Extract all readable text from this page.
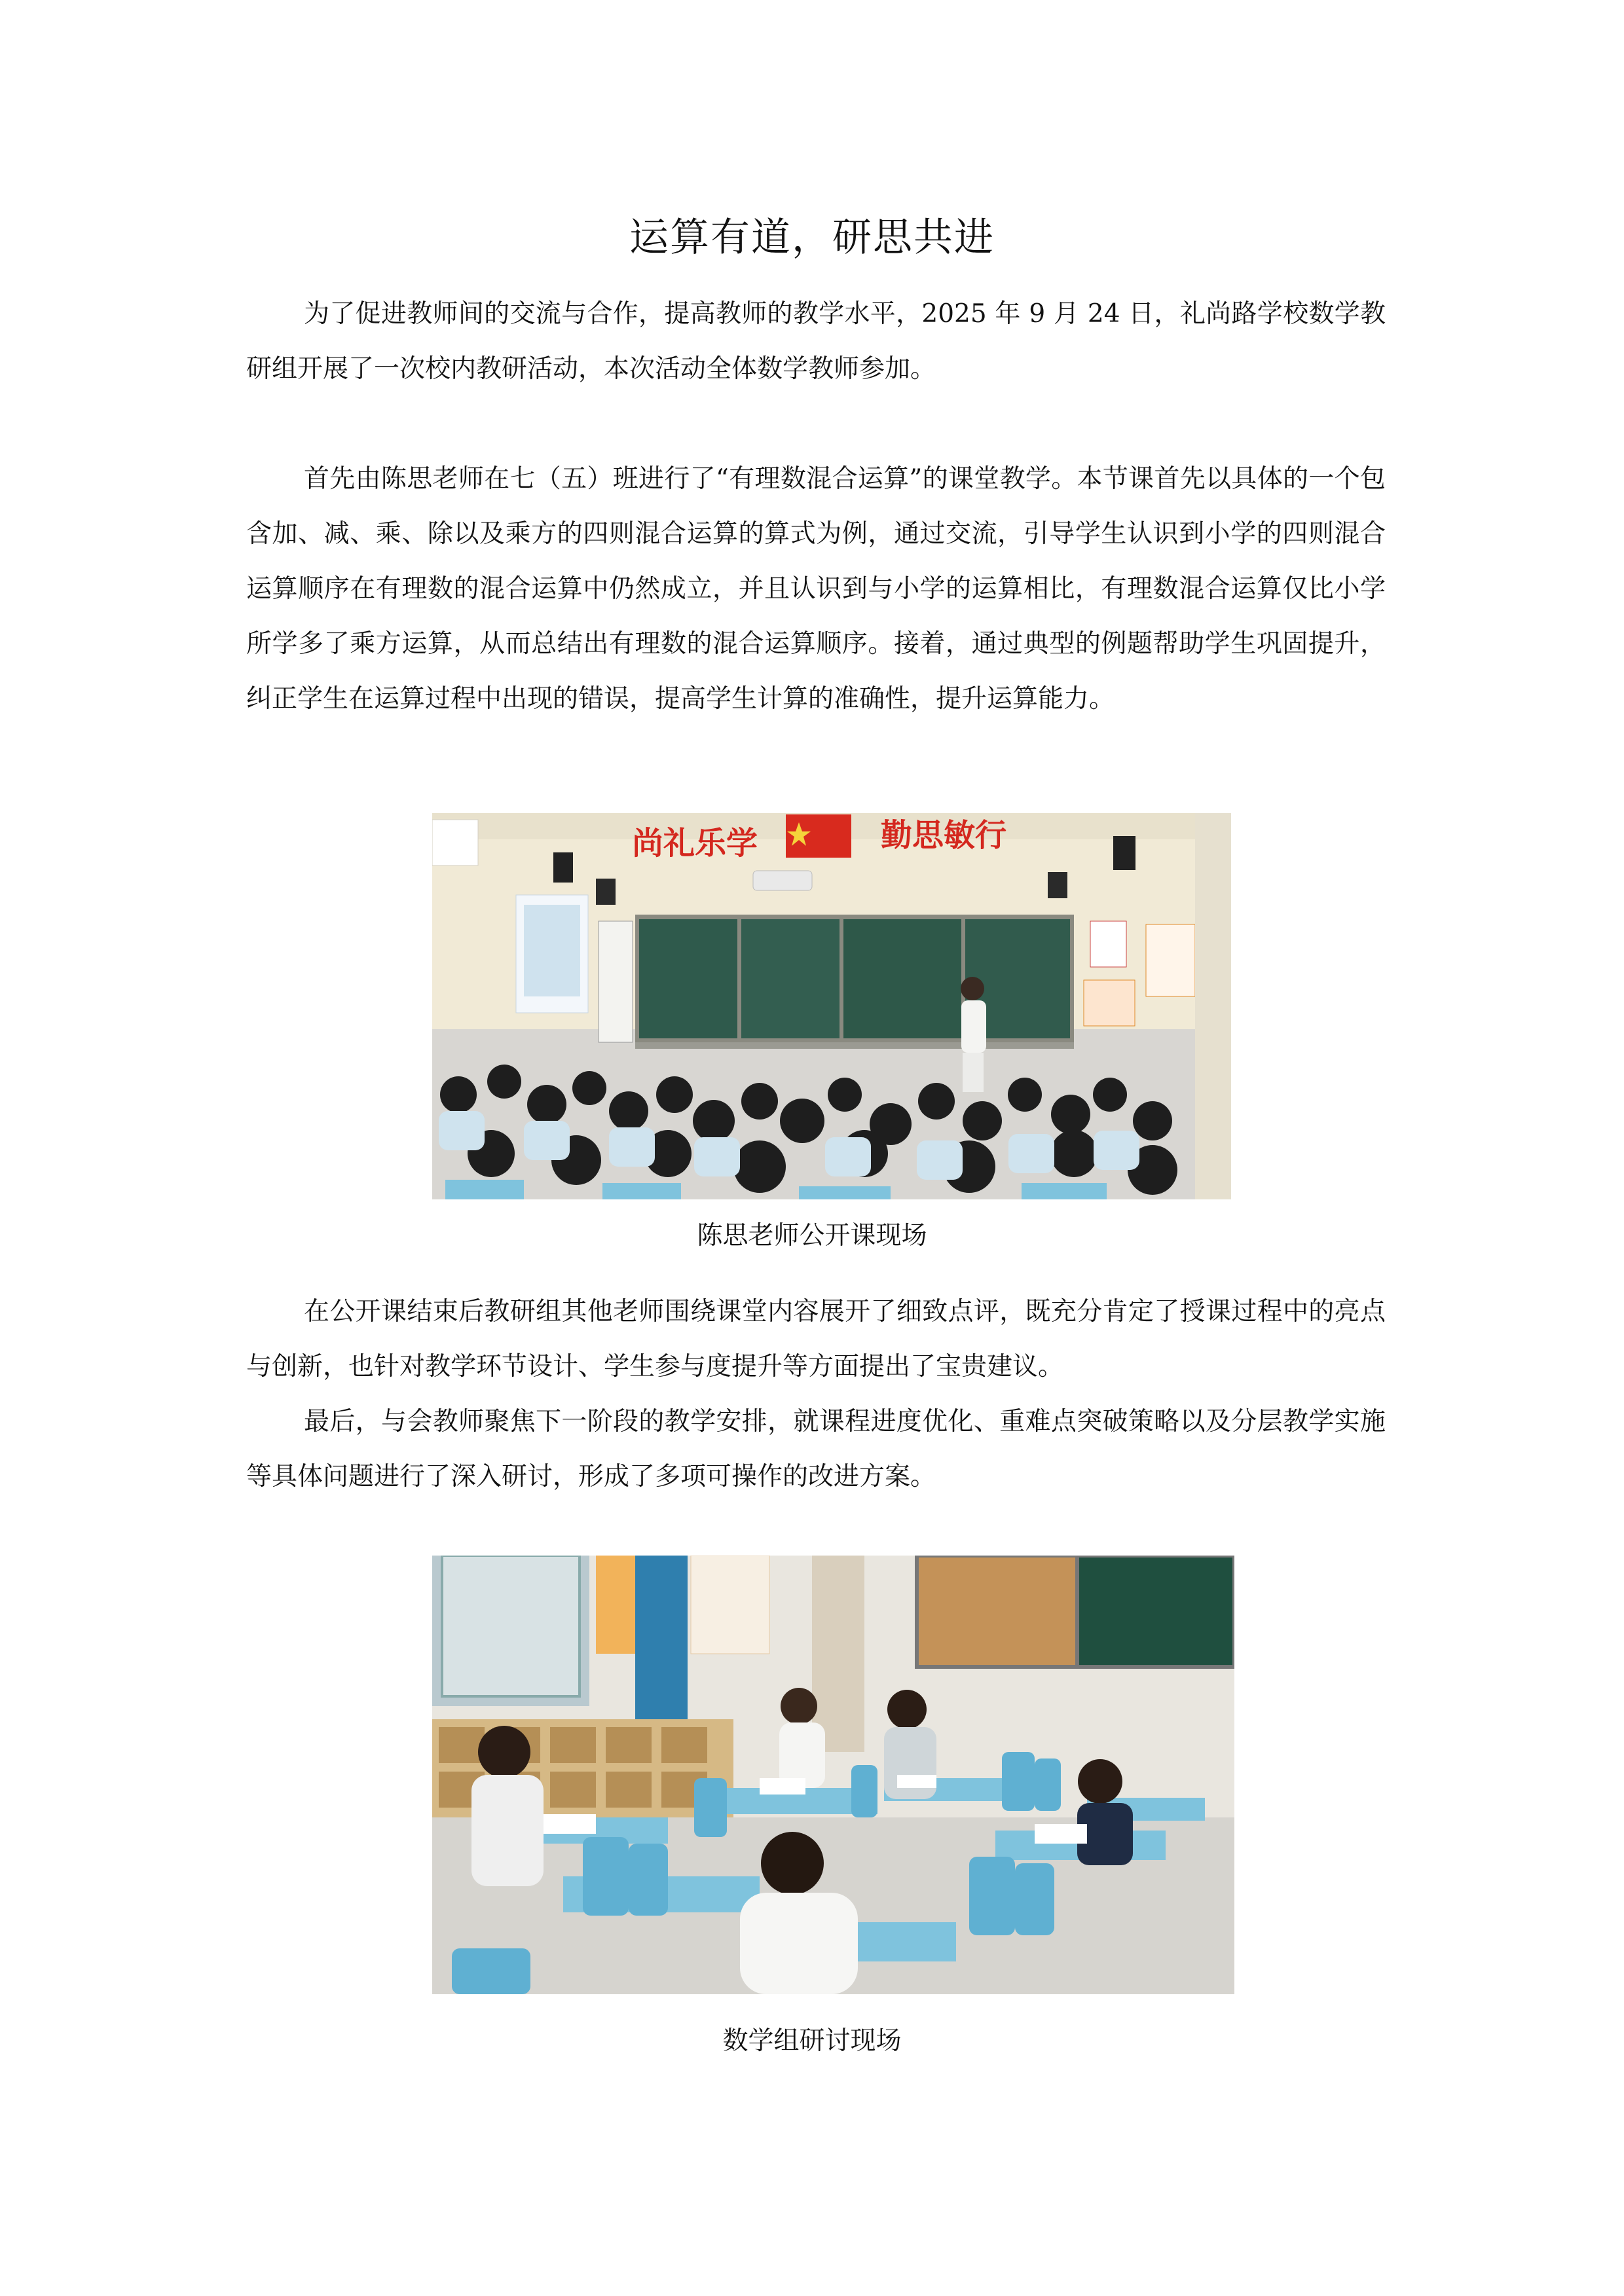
运算有道，研思共进

为了促进教师间的交流与合作，提高教师的教学水平，2025 年 9 月 24 日，礼尚路学校数学教研组开展了一次校内教研活动，本次活动全体数学教师参加。

首先由陈思老师在七（五）班进行了“有理数混合运算”的课堂教学。本节课首先以具体的一个包含加、减、乘、除以及乘方的四则混合运算的算式为例，通过交流，引导学生认识到小学的四则混合运算顺序在有理数的混合运算中仍然成立，并且认识到与小学的运算相比，有理数混合运算仅比小学所学多了乘方运算，从而总结出有理数的混合运算顺序。接着，通过典型的例题帮助学生巩固提升，纠正学生在运算过程中出现的错误，提高学生计算的准确性，提升运算能力。

尚礼乐学	勤思敏行
陈思老师公开课现场

在公开课结束后教研组其他老师围绕课堂内容展开了细致点评，既充分肯定了授课过程中的亮点与创新，也针对教学环节设计、学生参与度提升等方面提出了宝贵建议。

最后，与会教师聚焦下一阶段的教学安排，就课程进度优化、重难点突破策略以及分层教学实施等具体问题进行了深入研讨，形成了多项可操作的改进方案。

数学组研讨现场
